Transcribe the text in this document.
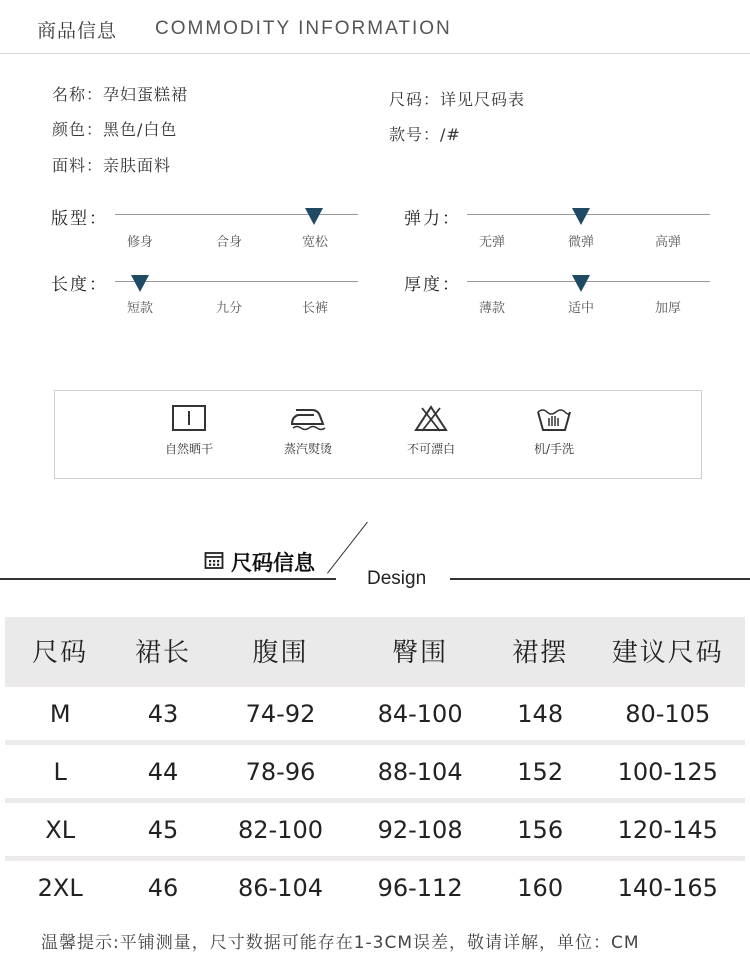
商品信息 COMMODITY INFORMATION
名称：孕妇蛋糕裙
颜色：黑色/白色
面料：亲肤面料
尺码：详见尺码表
款号：/#
版型：
修身	合身	宽松
弹力：
无弹	微弹	高弹
长度：
短款	九分	长裤
厚度：
薄款	适中	加厚
自然晒干	蒸汽熨烫	不可漂白	机/手洗
尺码信息
Design
尺码	裙长	腹围	臀围	裙摆	建议尺码
M	43	74-92	84-100	148	80-105
L	44	78-96	88-104	152	100-125
XL	45	82-100	92-108	156	120-145
2XL	46	86-104	96-112	160	140-165
温馨提示:平铺测量，尺寸数据可能存在1-3CM误差，敬请详解，单位：CM
